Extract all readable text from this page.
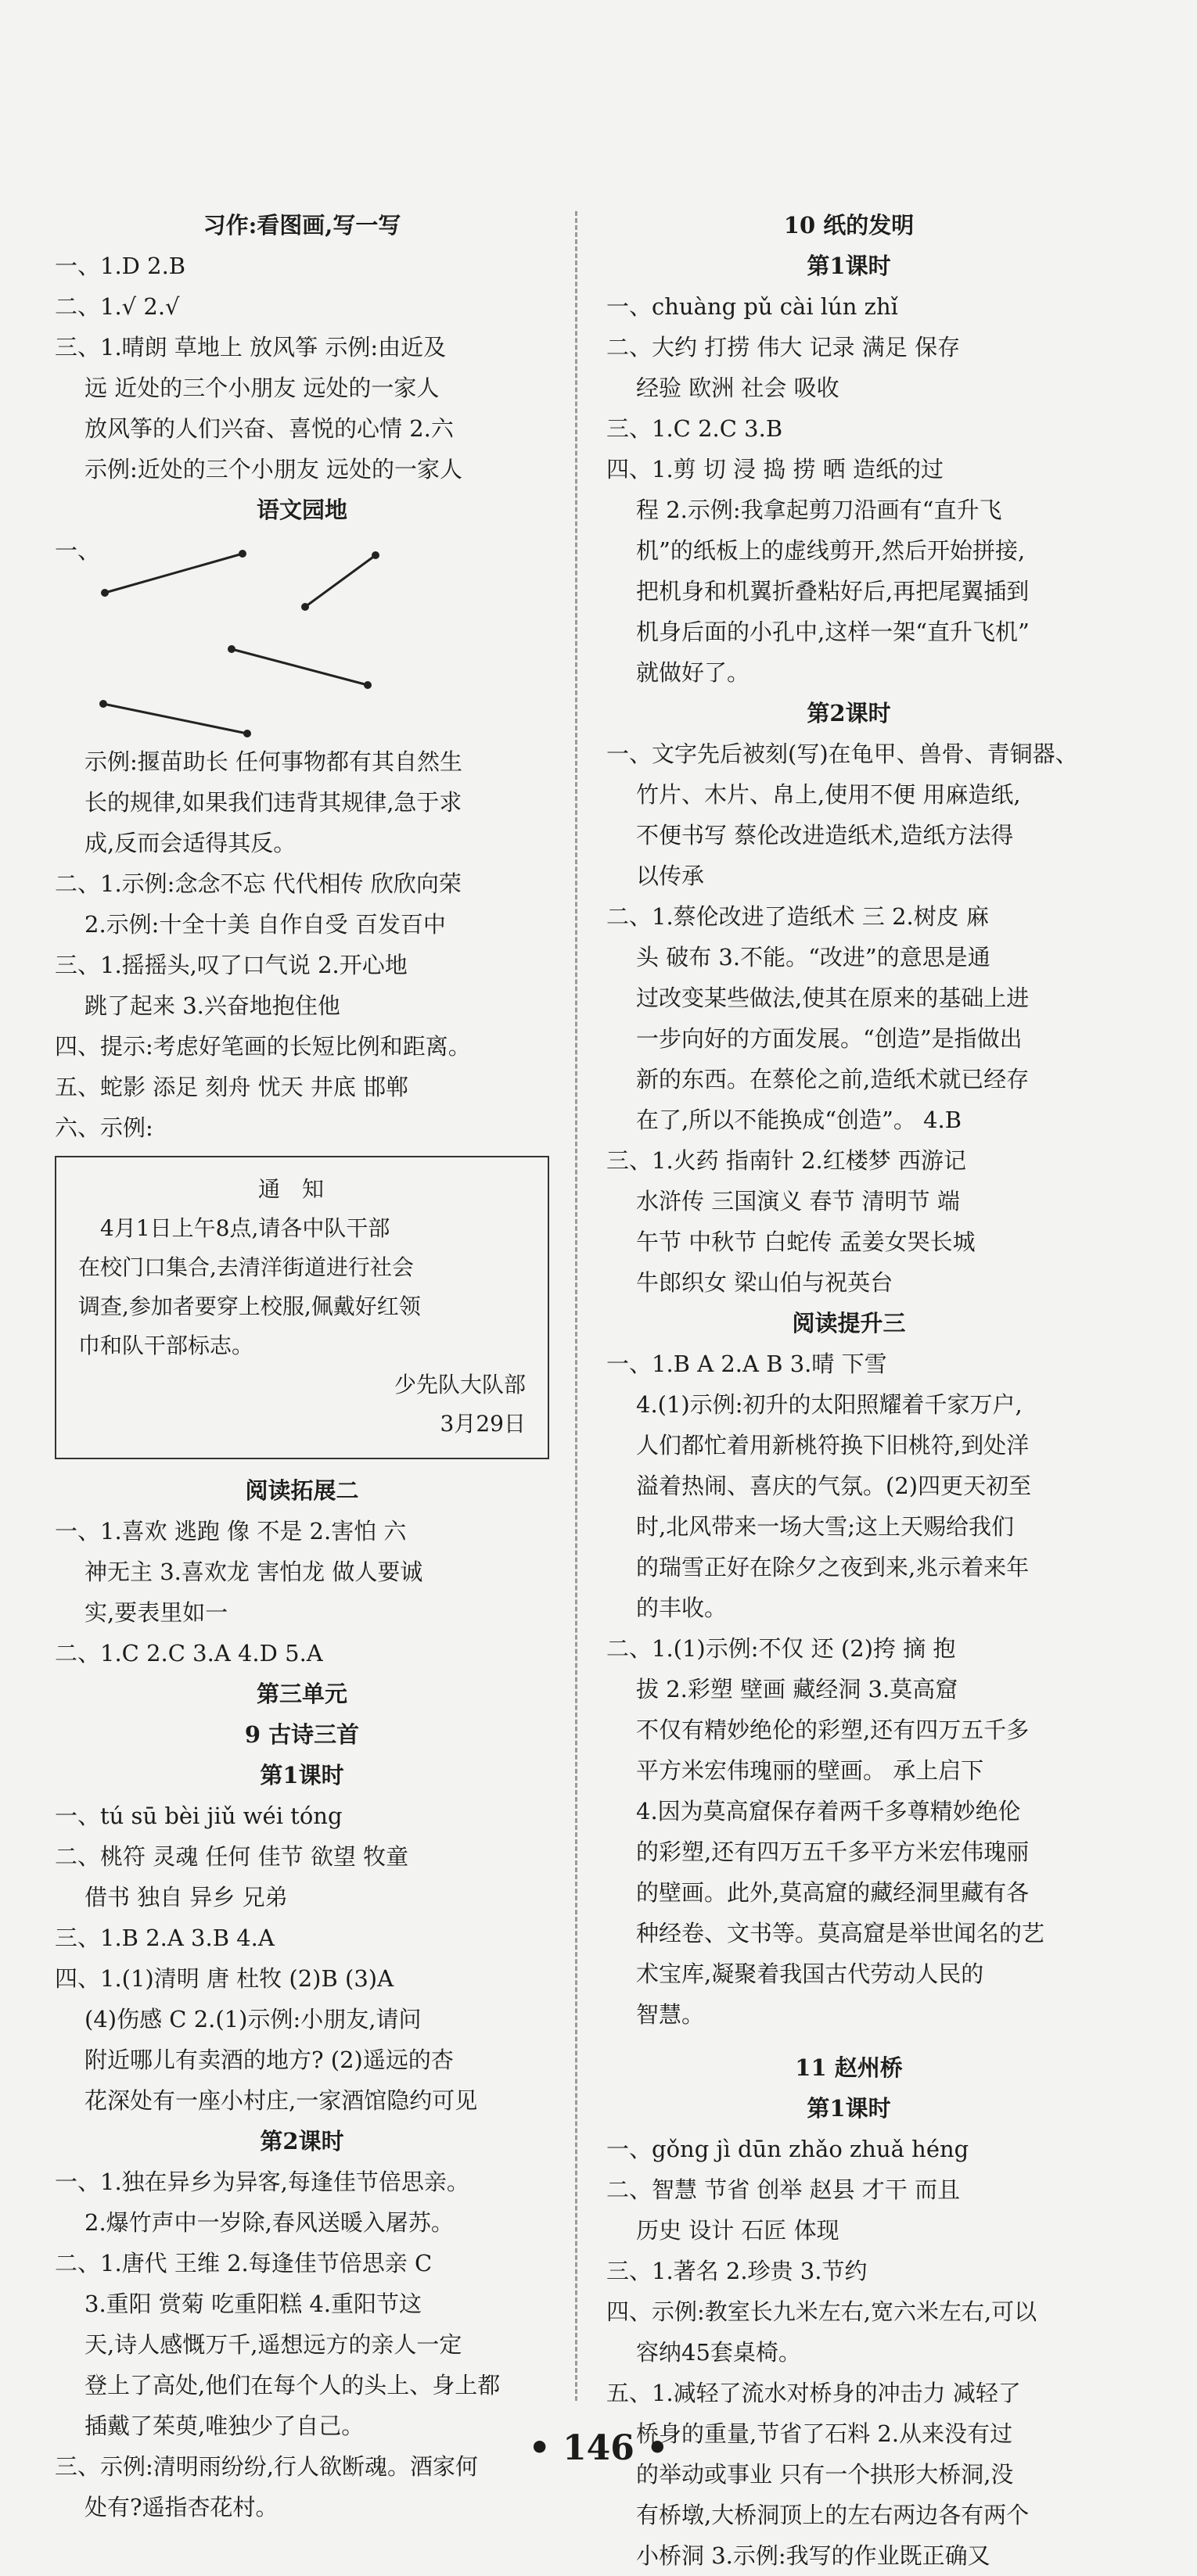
习作:看图画,写一写
一、1.D 2.B
二、1.√ 2.√
三、1.晴朗 草地上 放风筝 示例:由近及
远 近处的三个小朋友 远处的一家人
放风筝的人们兴奋、喜悦的心情 2.六
示例:近处的三个小朋友 远处的一家人
语文园地
一、
示例:揠苗助长 任何事物都有其自然生
长的规律,如果我们违背其规律,急于求
成,反而会适得其反。
二、1.示例:念念不忘 代代相传 欣欣向荣
2.示例:十全十美 自作自受 百发百中
三、1.摇摇头,叹了口气说 2.开心地
跳了起来 3.兴奋地抱住他
四、提示:考虑好笔画的长短比例和距离。
五、蛇影 添足 刻舟 忧天 井底 邯郸
六、示例:
通知
4月1日上午8点,请各中队干部
在校门口集合,去清洋街道进行社会
调查,参加者要穿上校服,佩戴好红领
巾和队干部标志。
少先队大队部
3月29日
阅读拓展二
一、1.喜欢 逃跑 像 不是 2.害怕 六
神无主 3.喜欢龙 害怕龙 做人要诚
实,要表里如一
二、1.C 2.C 3.A 4.D 5.A
第三单元
9 古诗三首
第1课时
一、tú sū bèi jiǔ wéi tóng
二、桃符 灵魂 任何 佳节 欲望 牧童
借书 独自 异乡 兄弟
三、1.B 2.A 3.B 4.A
四、1.(1)清明 唐 杜牧 (2)B (3)A
(4)伤感 C 2.(1)示例:小朋友,请问
附近哪儿有卖酒的地方? (2)遥远的杏
花深处有一座小村庄,一家酒馆隐约可见
第2课时
一、1.独在异乡为异客,每逢佳节倍思亲。
2.爆竹声中一岁除,春风送暖入屠苏。
二、1.唐代 王维 2.每逢佳节倍思亲 C
3.重阳 赏菊 吃重阳糕 4.重阳节这
天,诗人感慨万千,遥想远方的亲人一定
登上了高处,他们在每个人的头上、身上都
插戴了茱萸,唯独少了自己。
三、示例:清明雨纷纷,行人欲断魂。酒家何
处有?遥指杏花村。
10 纸的发明
第1课时
一、chuàng pǔ cài lún zhǐ
二、大约 打捞 伟大 记录 满足 保存
经验 欧洲 社会 吸收
三、1.C 2.C 3.B
四、1.剪 切 浸 捣 捞 晒 造纸的过
程 2.示例:我拿起剪刀沿画有“直升飞
机”的纸板上的虚线剪开,然后开始拼接,
把机身和机翼折叠粘好后,再把尾翼插到
机身后面的小孔中,这样一架“直升飞机”
就做好了。
第2课时
一、文字先后被刻(写)在龟甲、兽骨、青铜器、
竹片、木片、帛上,使用不便 用麻造纸,
不便书写 蔡伦改进造纸术,造纸方法得
以传承
二、1.蔡伦改进了造纸术 三 2.树皮 麻
头 破布 3.不能。“改进”的意思是通
过改变某些做法,使其在原来的基础上进
一步向好的方面发展。“创造”是指做出
新的东西。在蔡伦之前,造纸术就已经存
在了,所以不能换成“创造”。 4.B
三、1.火药 指南针 2.红楼梦 西游记
水浒传 三国演义 春节 清明节 端
午节 中秋节 白蛇传 孟姜女哭长城
牛郎织女 梁山伯与祝英台
阅读提升三
一、1.B A 2.A B 3.晴 下雪
4.(1)示例:初升的太阳照耀着千家万户,
人们都忙着用新桃符换下旧桃符,到处洋
溢着热闹、喜庆的气氛。(2)四更天初至
时,北风带来一场大雪;这上天赐给我们
的瑞雪正好在除夕之夜到来,兆示着来年
的丰收。
二、1.(1)示例:不仅 还 (2)挎 摘 抱
拔 2.彩塑 壁画 藏经洞 3.莫高窟
不仅有精妙绝伦的彩塑,还有四万五千多
平方米宏伟瑰丽的壁画。 承上启下
4.因为莫高窟保存着两千多尊精妙绝伦
的彩塑,还有四万五千多平方米宏伟瑰丽
的壁画。此外,莫高窟的藏经洞里藏有各
种经卷、文书等。莫高窟是举世闻名的艺
术宝库,凝聚着我国古代劳动人民的
智慧。
11 赵州桥
第1课时
一、gǒng jì dūn zhǎo zhuǎ héng
二、智慧 节省 创举 赵县 才干 而且
历史 设计 石匠 体现
三、1.著名 2.珍贵 3.节约
四、示例:教室长九米左右,宽六米左右,可以
容纳45套桌椅。
五、1.减轻了流水对桥身的冲击力 减轻了
桥身的重量,节省了石料 2.从来没有过
的举动或事业 只有一个拱形大桥洞,没
有桥墩,大桥洞顶上的左右两边各有两个
小桥洞 3.示例:我写的作业既正确又
• 146 •
